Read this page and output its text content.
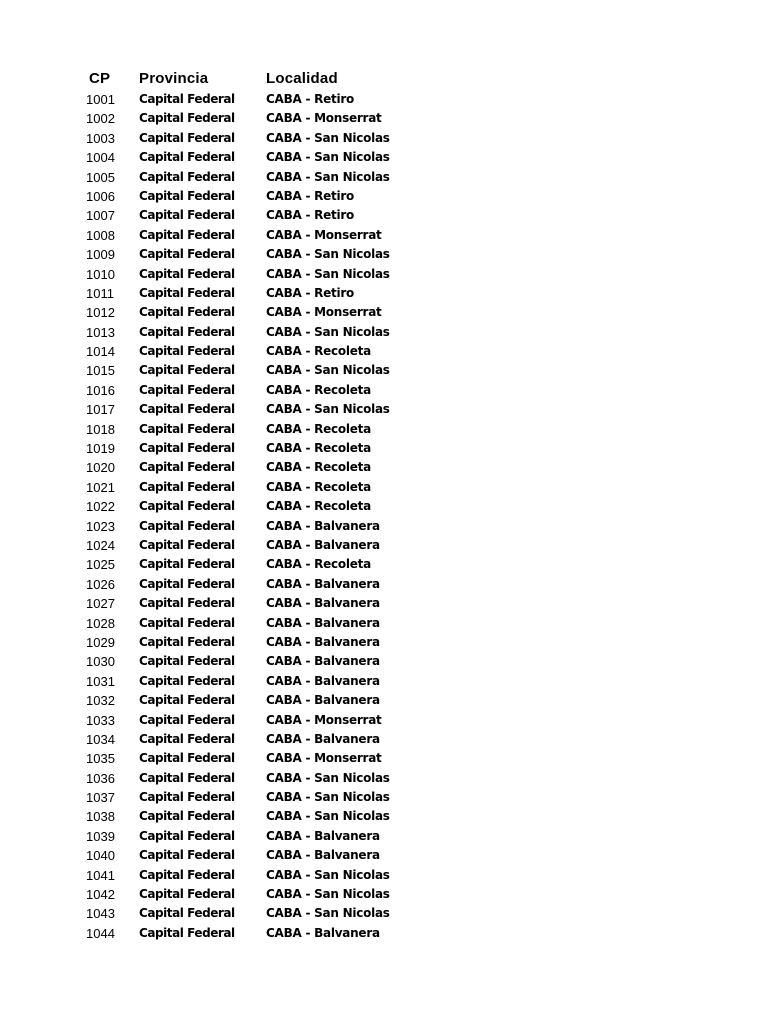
CP Provincia	Localidad
1001 Capital Federal	CABA - Retiro
1002 Capital Federal	CABA - Monserrat
1003 Capital Federal	CABA - San Nicolas
1004 Capital Federal	CABA - San Nicolas
1005 Capital Federal	CABA - San Nicolas
1006 Capital Federal	CABA - Retiro
1007 Capital Federal	CABA - Retiro
1008 Capital Federal	CABA - Monserrat
1009 Capital Federal	CABA - San Nicolas
1010 Capital Federal	CABA - San Nicolas
1011 Capital Federal	CABA - Retiro
1012 Capital Federal	CABA - Monserrat
1013 Capital Federal	CABA - San Nicolas
1014 Capital Federal	CABA - Recoleta
1015 Capital Federal	CABA - San Nicolas
1016 Capital Federal	CABA - Recoleta
1017 Capital Federal	CABA - San Nicolas
1018 Capital Federal	CABA - Recoleta
1019 Capital Federal	CABA - Recoleta
1020 Capital Federal	CABA - Recoleta
1021 Capital Federal	CABA - Recoleta
1022 Capital Federal	CABA - Recoleta
1023 Capital Federal	CABA - Balvanera
1024 Capital Federal	CABA - Balvanera
1025 Capital Federal	CABA - Recoleta
1026 Capital Federal	CABA - Balvanera
1027 Capital Federal	CABA - Balvanera
1028 Capital Federal	CABA - Balvanera
1029 Capital Federal	CABA - Balvanera
1030 Capital Federal	CABA - Balvanera
1031 Capital Federal	CABA - Balvanera
1032 Capital Federal	CABA - Balvanera
1033 Capital Federal	CABA - Monserrat
1034 Capital Federal	CABA - Balvanera
1035 Capital Federal	CABA - Monserrat
1036 Capital Federal	CABA - San Nicolas
1037 Capital Federal	CABA - San Nicolas
1038 Capital Federal	CABA - San Nicolas
1039 Capital Federal	CABA - Balvanera
1040 Capital Federal	CABA - Balvanera
1041 Capital Federal	CABA - San Nicolas
1042 Capital Federal	CABA - San Nicolas
1043 Capital Federal	CABA - San Nicolas
1044 Capital Federal	CABA - Balvanera
